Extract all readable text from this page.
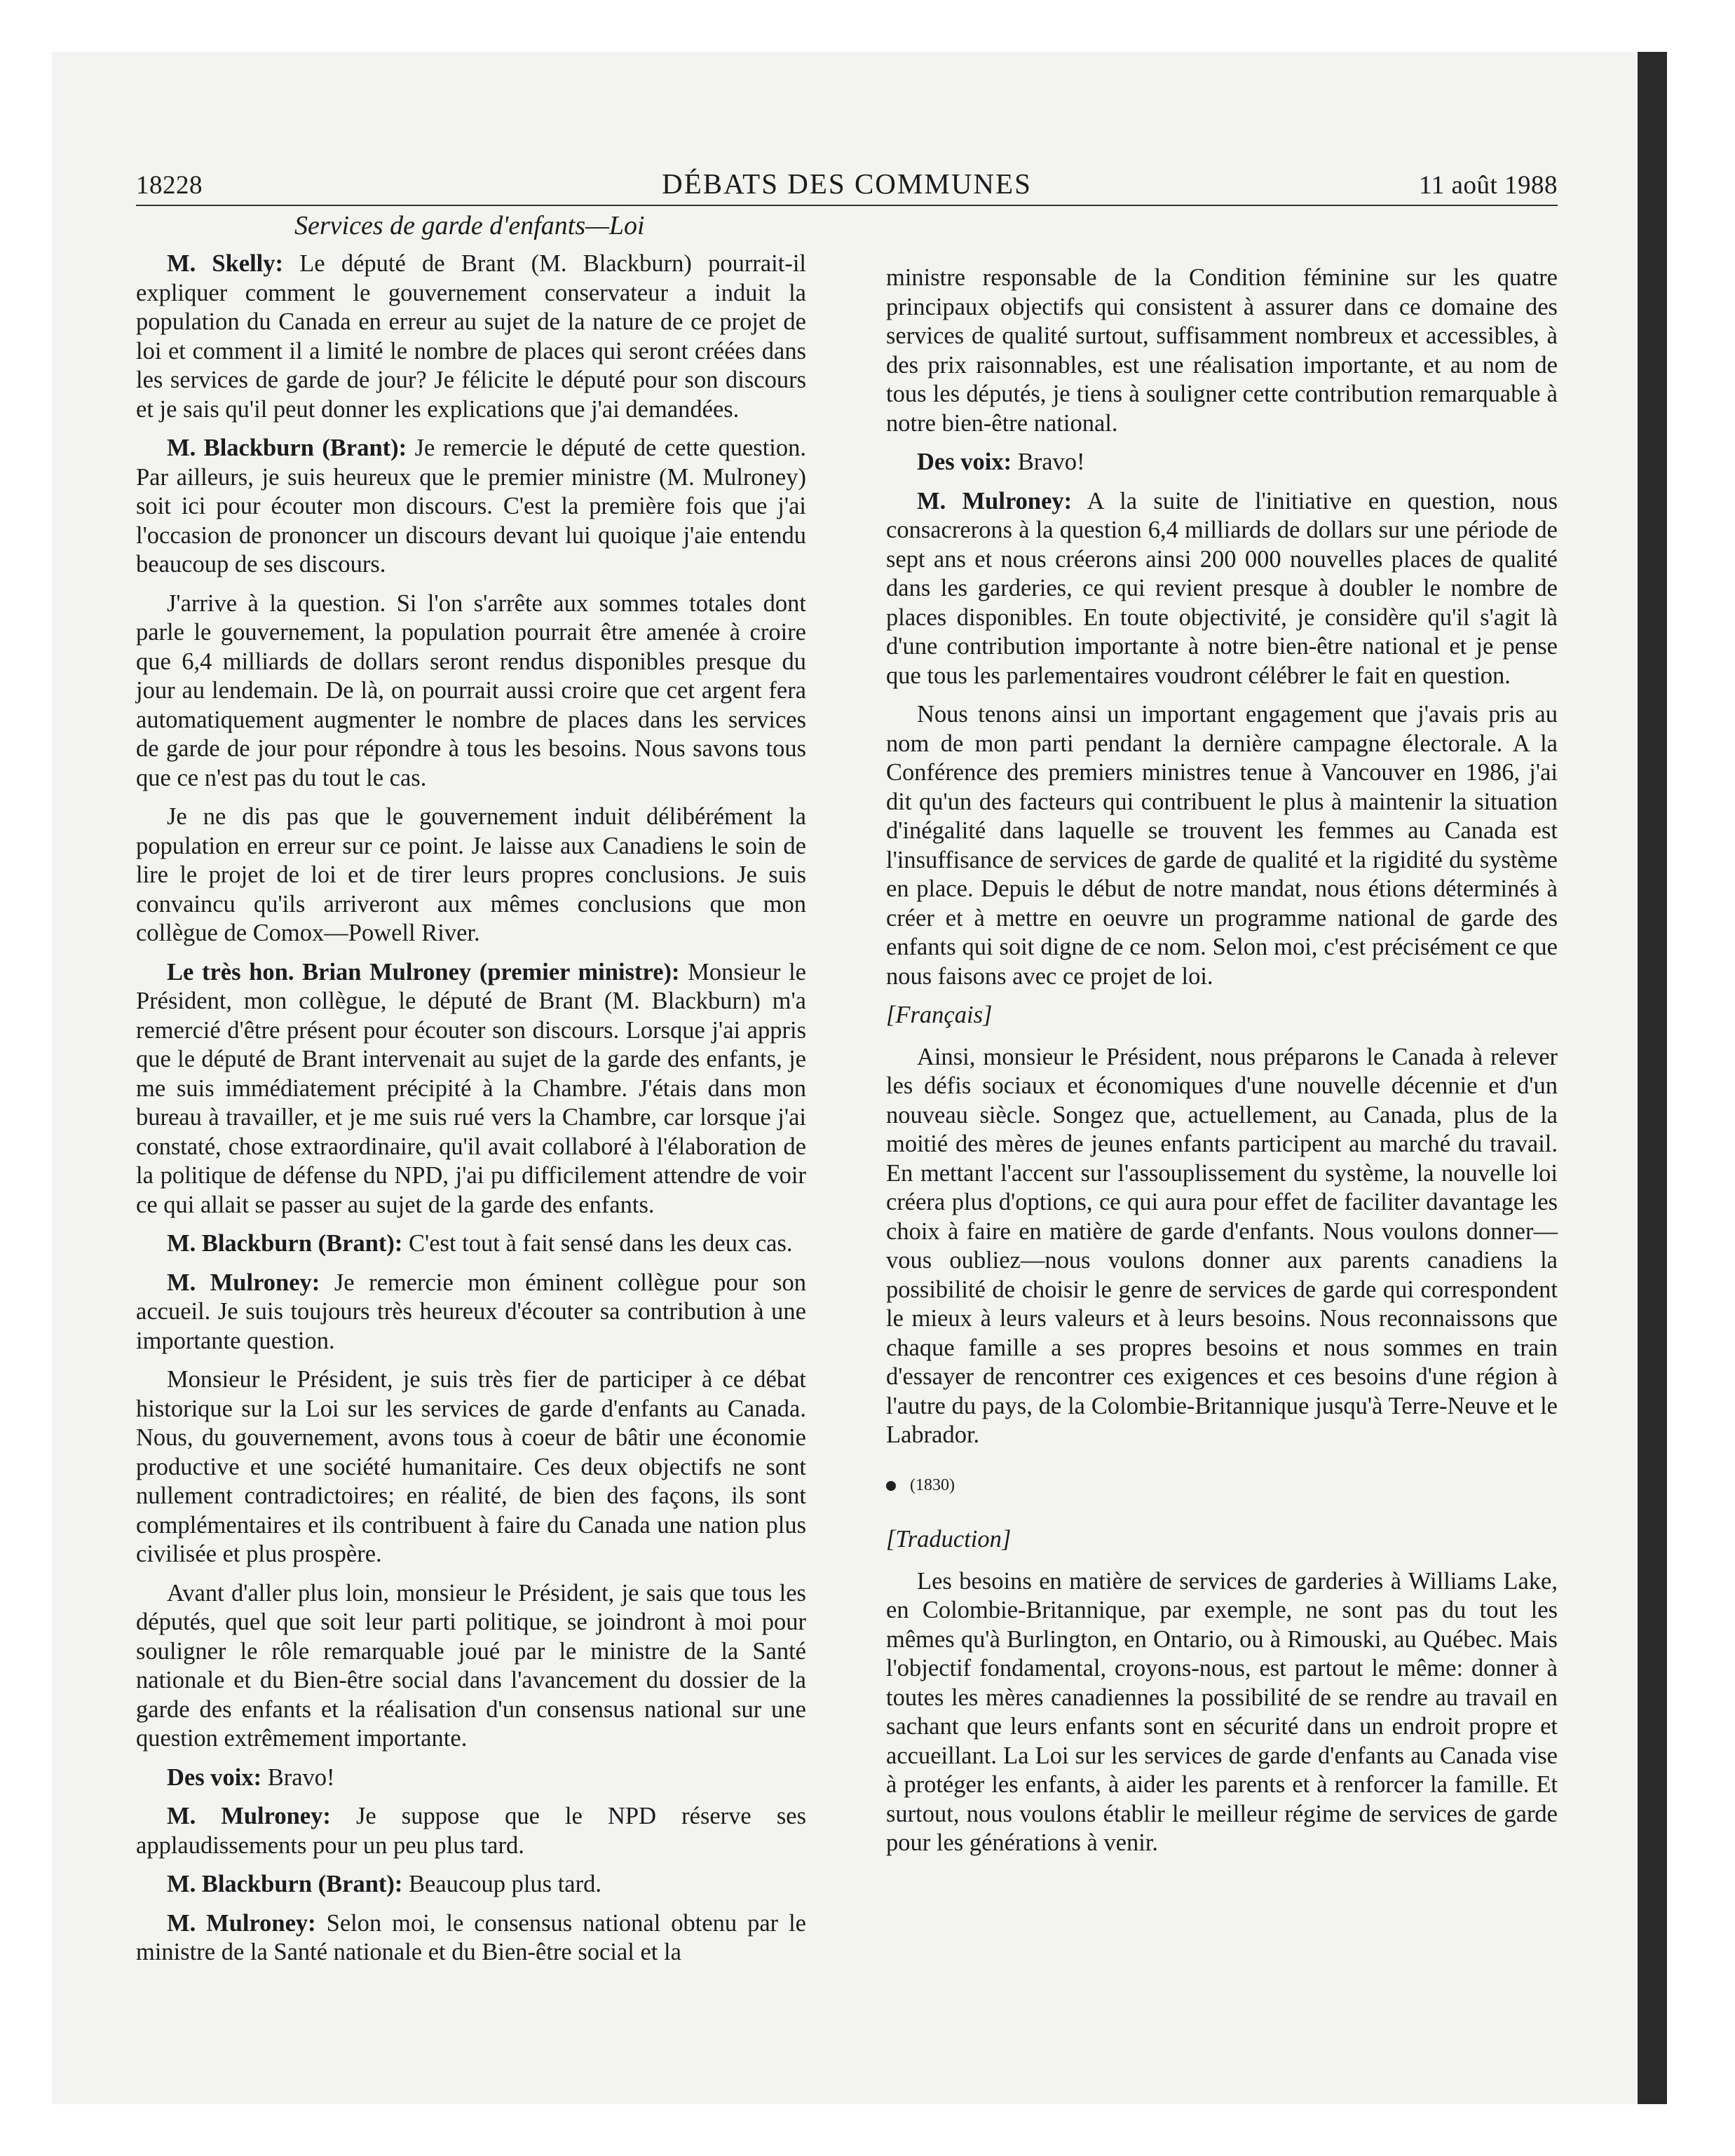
18228	DÉBATS DES COMMUNES	11 août 1988
Services de garde d'enfants—Loi

M. Skelly: Le député de Brant (M. Blackburn) pourrait-il expliquer comment le gouvernement conservateur a induit la population du Canada en erreur au sujet de la nature de ce projet de loi et comment il a limité le nombre de places qui seront créées dans les services de garde de jour? Je félicite le député pour son discours et je sais qu'il peut donner les explications que j'ai demandées.

M. Blackburn (Brant): Je remercie le député de cette question. Par ailleurs, je suis heureux que le premier ministre (M. Mulroney) soit ici pour écouter mon discours. C'est la première fois que j'ai l'occasion de prononcer un discours devant lui quoique j'aie entendu beaucoup de ses discours.

J'arrive à la question. Si l'on s'arrête aux sommes totales dont parle le gouvernement, la population pourrait être amenée à croire que 6,4 milliards de dollars seront rendus disponibles presque du jour au lendemain. De là, on pourrait aussi croire que cet argent fera automatiquement augmenter le nombre de places dans les services de garde de jour pour répondre à tous les besoins. Nous savons tous que ce n'est pas du tout le cas.

Je ne dis pas que le gouvernement induit délibérément la population en erreur sur ce point. Je laisse aux Canadiens le soin de lire le projet de loi et de tirer leurs propres conclusions. Je suis convaincu qu'ils arriveront aux mêmes conclusions que mon collègue de Comox—Powell River.

Le très hon. Brian Mulroney (premier ministre): Monsieur le Président, mon collègue, le député de Brant (M. Blackburn) m'a remercié d'être présent pour écouter son discours. Lorsque j'ai appris que le député de Brant intervenait au sujet de la garde des enfants, je me suis immédiatement précipité à la Chambre. J'étais dans mon bureau à travailler, et je me suis rué vers la Chambre, car lorsque j'ai constaté, chose extraordinaire, qu'il avait collaboré à l'élaboration de la politique de défense du NPD, j'ai pu difficilement attendre de voir ce qui allait se passer au sujet de la garde des enfants.

M. Blackburn (Brant): C'est tout à fait sensé dans les deux cas.

M. Mulroney: Je remercie mon éminent collègue pour son accueil. Je suis toujours très heureux d'écouter sa contribution à une importante question.

Monsieur le Président, je suis très fier de participer à ce débat historique sur la Loi sur les services de garde d'enfants au Canada. Nous, du gouvernement, avons tous à coeur de bâtir une économie productive et une société humanitaire. Ces deux objectifs ne sont nullement contradictoires; en réalité, de bien des façons, ils sont complémentaires et ils contribuent à faire du Canada une nation plus civilisée et plus prospère.

Avant d'aller plus loin, monsieur le Président, je sais que tous les députés, quel que soit leur parti politique, se joindront à moi pour souligner le rôle remarquable joué par le ministre de la Santé nationale et du Bien-être social dans l'avancement du dossier de la garde des enfants et la réalisation d'un consensus national sur une question extrêmement importante.

Des voix: Bravo!

M. Mulroney: Je suppose que le NPD réserve ses applaudissements pour un peu plus tard.

M. Blackburn (Brant): Beaucoup plus tard.

M. Mulroney: Selon moi, le consensus national obtenu par le ministre de la Santé nationale et du Bien-être social et la

ministre responsable de la Condition féminine sur les quatre principaux objectifs qui consistent à assurer dans ce domaine des services de qualité surtout, suffisamment nombreux et accessibles, à des prix raisonnables, est une réalisation importante, et au nom de tous les députés, je tiens à souligner cette contribution remarquable à notre bien-être national.

Des voix: Bravo!

M. Mulroney: A la suite de l'initiative en question, nous consacrerons à la question 6,4 milliards de dollars sur une période de sept ans et nous créerons ainsi 200 000 nouvelles places de qualité dans les garderies, ce qui revient presque à doubler le nombre de places disponibles. En toute objectivité, je considère qu'il s'agit là d'une contribution importante à notre bien-être national et je pense que tous les parlementaires voudront célébrer le fait en question.

Nous tenons ainsi un important engagement que j'avais pris au nom de mon parti pendant la dernière campagne électorale. A la Conférence des premiers ministres tenue à Vancouver en 1986, j'ai dit qu'un des facteurs qui contribuent le plus à maintenir la situation d'inégalité dans laquelle se trouvent les femmes au Canada est l'insuffisance de services de garde de qualité et la rigidité du système en place. Depuis le début de notre mandat, nous étions déterminés à créer et à mettre en oeuvre un programme national de garde des enfants qui soit digne de ce nom. Selon moi, c'est précisément ce que nous faisons avec ce projet de loi.

[Français]

Ainsi, monsieur le Président, nous préparons le Canada à relever les défis sociaux et économiques d'une nouvelle décennie et d'un nouveau siècle. Songez que, actuellement, au Canada, plus de la moitié des mères de jeunes enfants participent au marché du travail. En mettant l'accent sur l'assouplissement du système, la nouvelle loi créera plus d'options, ce qui aura pour effet de faciliter davantage les choix à faire en matière de garde d'enfants. Nous voulons donner—vous oubliez—nous voulons donner aux parents canadiens la possibilité de choisir le genre de services de garde qui correspondent le mieux à leurs valeurs et à leurs besoins. Nous reconnaissons que chaque famille a ses propres besoins et nous sommes en train d'essayer de rencontrer ces exigences et ces besoins d'une région à l'autre du pays, de la Colombie-Britannique jusqu'à Terre-Neuve et le Labrador.

(1830)

[Traduction]

Les besoins en matière de services de garderies à Williams Lake, en Colombie-Britannique, par exemple, ne sont pas du tout les mêmes qu'à Burlington, en Ontario, ou à Rimouski, au Québec. Mais l'objectif fondamental, croyons-nous, est partout le même: donner à toutes les mères canadiennes la possibilité de se rendre au travail en sachant que leurs enfants sont en sécurité dans un endroit propre et accueillant. La Loi sur les services de garde d'enfants au Canada vise à protéger les enfants, à aider les parents et à renforcer la famille. Et surtout, nous voulons établir le meilleur régime de services de garde pour les générations à venir.
